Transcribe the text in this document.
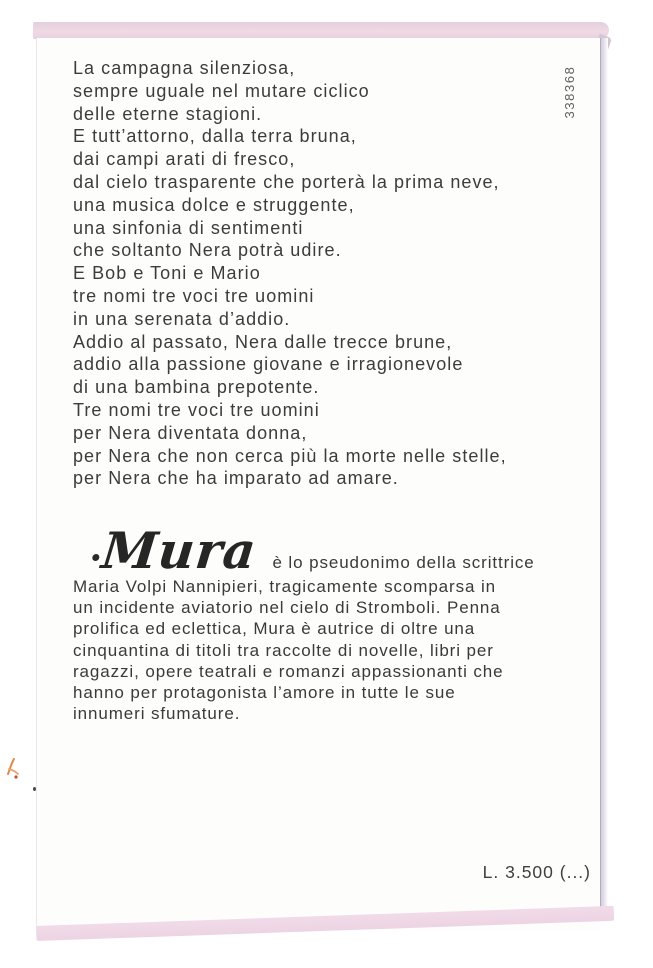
338368
La campagna silenziosa,
sempre uguale nel mutare ciclico
delle eterne stagioni.
E tutt’attorno, dalla terra bruna,
dai campi arati di fresco,
dal cielo trasparente che porterà la prima neve,
una musica dolce e struggente,
una sinfonia di sentimenti
che soltanto Nera potrà udire.
E Bob e Toni e Mario
tre nomi tre voci tre uomini
in una serenata d’addio.
Addio al passato, Nera dalle trecce brune,
addio alla passione giovane e irragionevole
di una bambina prepotente.
Tre nomi tre voci tre uomini
per Nera diventata donna,
per Nera che non cerca più la morte nelle stelle,
per Nera che ha imparato ad amare.
Mura è lo pseudonimo della scrittrice
Maria Volpi Nannipieri, tragicamente scomparsa in
un incidente aviatorio nel cielo di Stromboli. Penna
prolifica ed eclettica, Mura è autrice di oltre una
cinquantina di titoli tra raccolte di novelle, libri per
ragazzi, opere teatrali e romanzi appassionanti che
hanno per protagonista l’amore in tutte le sue
innumeri sfumature.
L. 3.500 (...)
